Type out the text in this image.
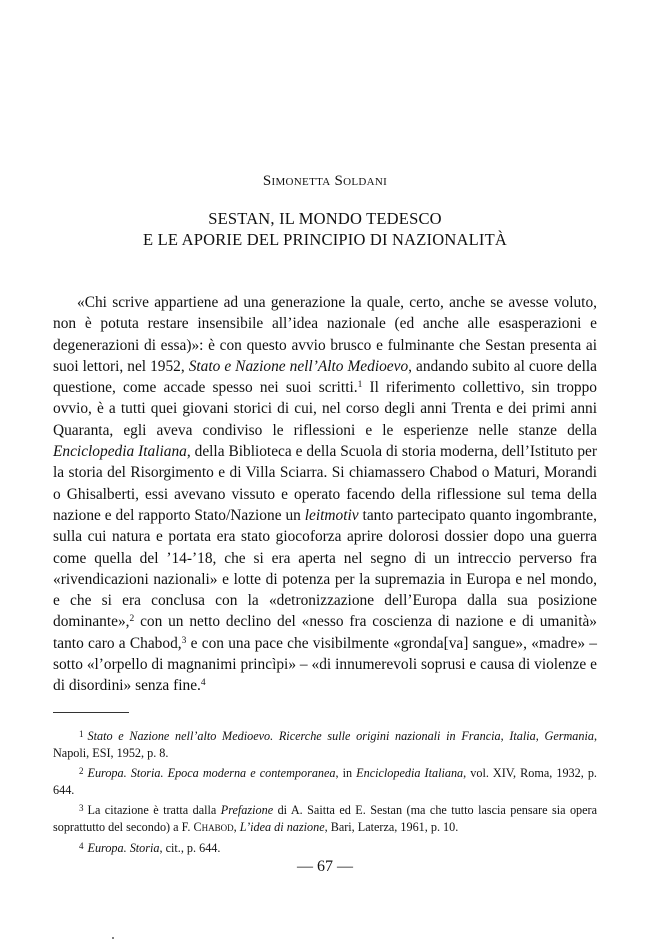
Simonetta Soldani
SESTAN, IL MONDO TEDESCO
E LE APORIE DEL PRINCIPIO DI NAZIONALITÀ

«Chi scrive appartiene ad una generazione la quale, certo, anche se avesse voluto, non è potuta restare insensibile all’idea nazionale (ed anche alle esasperazioni e degenerazioni di essa)»: è con questo avvio brusco e fulminante che Sestan presenta ai suoi lettori, nel 1952, Stato e Nazione nell’Alto Medioevo, andando subito al cuore della questione, come accade spesso nei suoi scritti.$^1$ Il riferimento collettivo, sin troppo ovvio, è a tutti quei giovani storici di cui, nel corso degli anni Trenta e dei primi anni Quaranta, egli aveva condiviso le riflessioni e le esperienze nelle stanze della Enciclopedia Italiana, della Biblioteca e della Scuola di storia moderna, dell’Istituto per la storia del Risorgimento e di Villa Sciarra. Si chiamassero Chabod o Maturi, Morandi o Ghisalberti, essi avevano vissuto e operato facendo della riflessione sul tema della nazione e del rapporto Stato/Nazione un leitmotiv tanto partecipato quanto ingombrante, sulla cui natura e portata era stato giocoforza aprire dolorosi dossier dopo una guerra come quella del ’14-’18, che si era aperta nel segno di un intreccio perverso fra «rivendicazioni nazionali» e lotte di potenza per la supremazia in Europa e nel mondo, e che si era conclusa con la «detronizzazione dell’Europa dalla sua posizione dominante»,$^2$ con un netto declino del «nesso fra coscienza di nazione e di umanità» tanto caro a Chabod,$^3$ e con una pace che visibilmente «gronda[va] sangue», «madre» – sotto «l’orpello di magnanimi princìpi» – «di innumerevoli soprusi e causa di violenze e di disordini» senza fine.$^4$

$^1$ Stato e Nazione nell’alto Medioevo. Ricerche sulle origini nazionali in Francia, Italia, Germania, Napoli, ESI, 1952, p. 8.

$^2$ Europa. Storia. Epoca moderna e contemporanea, in Enciclopedia Italiana, vol. XIV, Roma, 1932, p. 644.

$^3$ La citazione è tratta dalla Prefazione di A. Saitta ed E. Sestan (ma che tutto lascia pensare sia opera soprattutto del secondo) a F. Chabod, L’idea di nazione, Bari, Laterza, 1961, p. 10.

$^4$ Europa. Storia, cit., p. 644.

— 67 —
